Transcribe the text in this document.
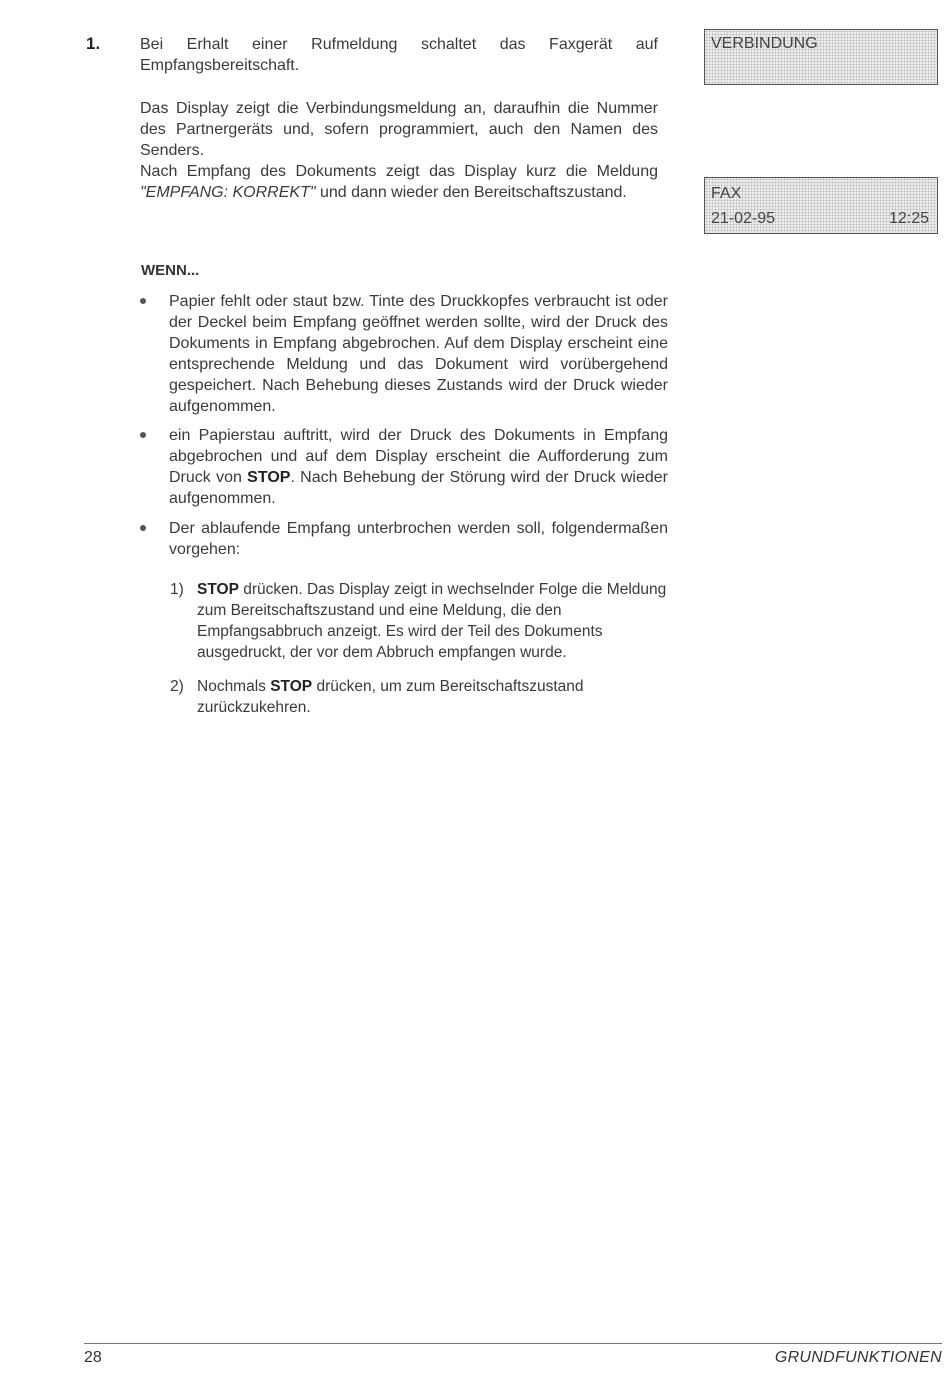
1. Bei Erhalt einer Rufmeldung schaltet das Faxgerät auf Empfangsbereitschaft.
Das Display zeigt die Verbindungsmeldung an, daraufhin die Nummer des Partnergeräts und, sofern programmiert, auch den Namen des Senders.
Nach Empfang des Dokuments zeigt das Display kurz die Meldung "EMPFANG: KORREKT" und dann wieder den Bereitschaftszustand.
VERBINDUNG
FAX
21-02-95	12:25
WENN...
Papier fehlt oder staut bzw. Tinte des Druckkopfes verbraucht ist oder der Deckel beim Empfang geöffnet werden sollte, wird der Druck des Dokuments in Empfang abgebrochen. Auf dem Display erscheint eine entsprechende Meldung und das Dokument wird vorübergehend gespeichert. Nach Behebung dieses Zustands wird der Druck wieder aufgenommen.
ein Papierstau auftritt, wird der Druck des Dokuments in Empfang abgebrochen und auf dem Display erscheint die Aufforderung zum Druck von STOP. Nach Behebung der Störung wird der Druck wieder aufgenommen.
Der ablaufende Empfang unterbrochen werden soll, folgendermaßen vorgehen:
1) STOP drücken. Das Display zeigt in wechselnder Folge die Meldung zum Bereitschaftszustand und eine Meldung, die den Empfangsabbruch anzeigt. Es wird der Teil des Dokuments ausgedruckt, der vor dem Abbruch empfangen wurde.
2) Nochmals STOP drücken, um zum Bereitschaftszustand zurückzukehren.
28	GRUNDFUNKTIONEN
